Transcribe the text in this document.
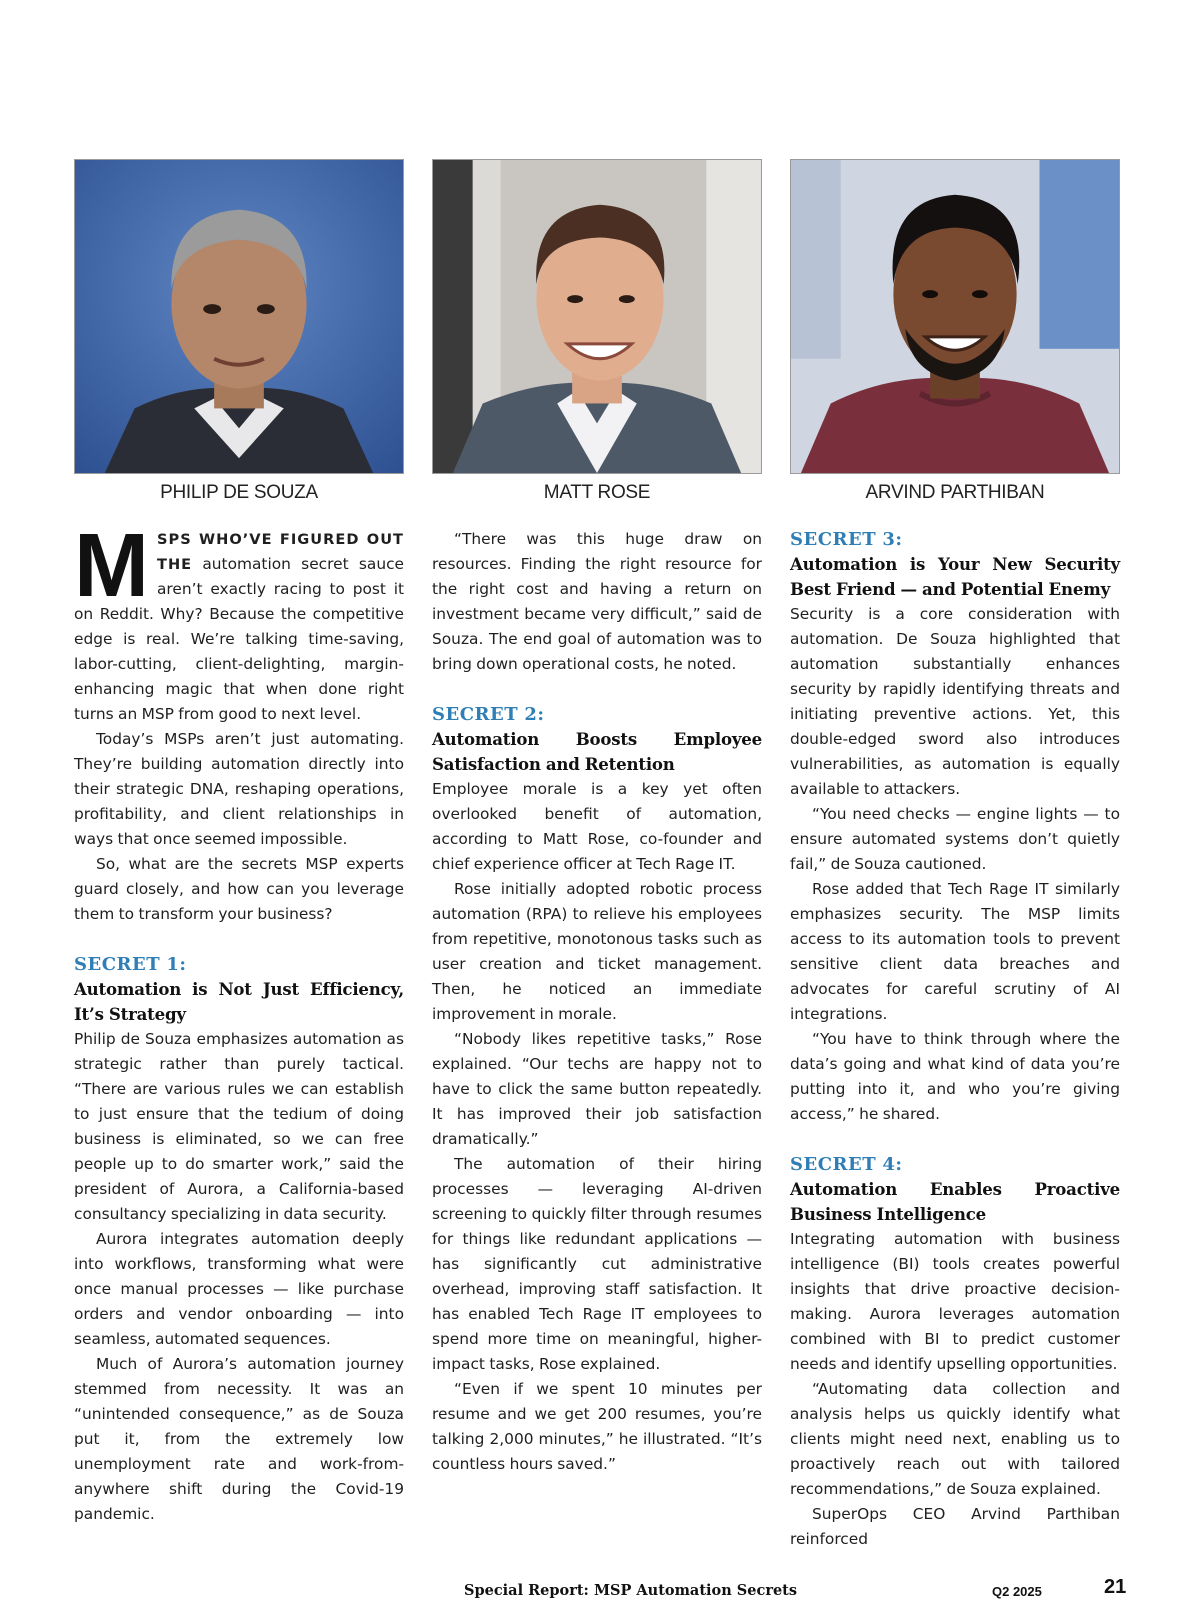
PHILIP DE SOUZA	MATT ROSE	ARVIND PARTHIBAN

MSPS WHO’VE FIGURED OUT THE automation secret sauce aren’t exactly racing to post it on Reddit. Why? Because the competitive edge is real. We’re talking time-saving, labor-cutting, client-delighting, margin-enhancing magic that when done right turns an MSP from good to next level.

Today’s MSPs aren’t just automating. They’re building automation directly into their strategic DNA, reshaping operations, profitability, and client relationships in ways that once seemed impossible.

So, what are the secrets MSP experts guard closely, and how can you leverage them to transform your business?

SECRET 1:
Automation is Not Just Efficiency, It’s Strategy

Philip de Souza emphasizes automation as strategic rather than purely tactical. “There are various rules we can establish to just ensure that the tedium of doing business is eliminated, so we can free people up to do smarter work,” said the president of Aurora, a California-based consultancy specializing in data security.

Aurora integrates automation deeply into workflows, transforming what were once manual processes — like purchase orders and vendor onboarding — into seamless, automated sequences.

Much of Aurora’s automation journey stemmed from necessity. It was an “unintended consequence,” as de Souza put it, from the extremely low unemployment rate and work-from-anywhere shift during the Covid-19 pandemic.

“There was this huge draw on resources. Finding the right resource for the right cost and having a return on investment became very difficult,” said de Souza. The end goal of automation was to bring down operational costs, he noted.

SECRET 2:
Automation Boosts Employee Satisfaction and Retention

Employee morale is a key yet often overlooked benefit of automation, according to Matt Rose, co-founder and chief experience officer at Tech Rage IT.

Rose initially adopted robotic process automation (RPA) to relieve his employees from repetitive, monotonous tasks such as user creation and ticket management. Then, he noticed an immediate improvement in morale.

“Nobody likes repetitive tasks,” Rose explained. “Our techs are happy not to have to click the same button repeatedly. It has improved their job satisfaction dramatically.”

The automation of their hiring processes — leveraging AI-driven screening to quickly filter through resumes for things like redundant applications — has significantly cut administrative overhead, improving staff satisfaction. It has enabled Tech Rage IT employees to spend more time on meaningful, higher-impact tasks, Rose explained.

“Even if we spent 10 minutes per resume and we get 200 resumes, you’re talking 2,000 minutes,” he illustrated. “It’s countless hours saved.”

SECRET 3:
Automation is Your New Security Best Friend — and Potential Enemy

Security is a core consideration with automation. De Souza highlighted that automation substantially enhances security by rapidly identifying threats and initiating preventive actions. Yet, this double-edged sword also introduces vulnerabilities, as automation is equally available to attackers.

“You need checks — engine lights — to ensure automated systems don’t quietly fail,” de Souza cautioned.

Rose added that Tech Rage IT similarly emphasizes security. The MSP limits access to its automation tools to prevent sensitive client data breaches and advocates for careful scrutiny of AI integrations.

“You have to think through where the data’s going and what kind of data you’re putting into it, and who you’re giving access,” he shared.

SECRET 4:
Automation Enables Proactive Business Intelligence

Integrating automation with business intelligence (BI) tools creates powerful insights that drive proactive decision-making. Aurora leverages automation combined with BI to predict customer needs and identify upselling opportunities.

“Automating data collection and analysis helps us quickly identify what clients might need next, enabling us to proactively reach out with tailored recommendations,” de Souza explained.

SuperOps CEO Arvind Parthiban reinforced

Special Report: MSP Automation Secrets	Q2 2025	21
